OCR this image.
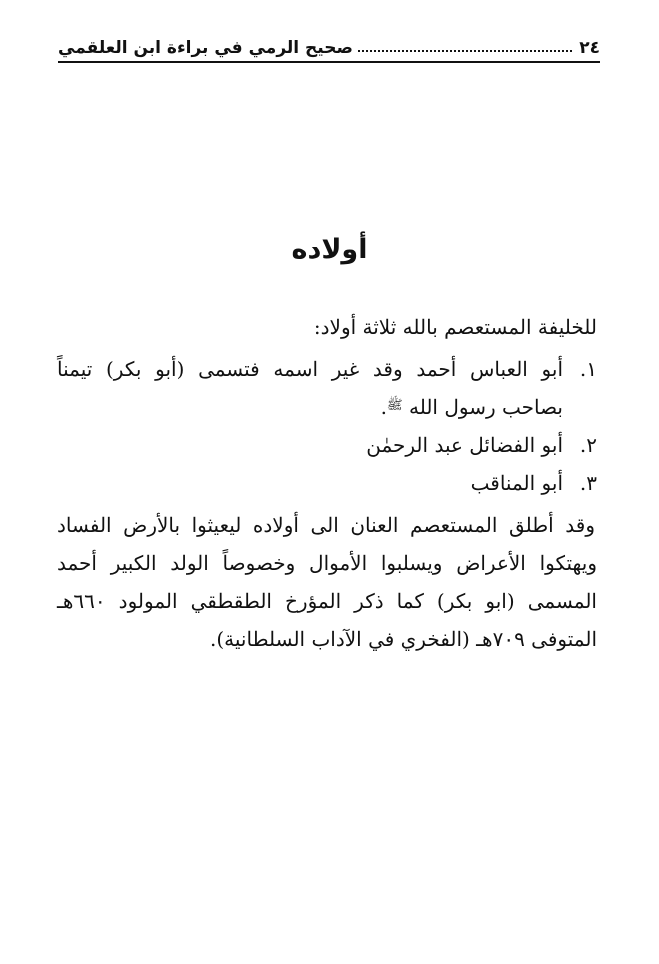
٢٤
صحيح الرمي في براءة ابن العلقمي
أولاده

للخليفة المستعصم بالله ثلاثة أولاد:

١.
أبو العباس أحمد وقد غير اسمه فتسمى (أبو بكر) تيمناً بصاحب رسول الله ﷺ.
٢.
أبو الفضائل عبد الرحمٰن
٣.
أبو المناقب

وقد أطلق المستعصم العنان الى أولاده ليعيثوا بالأرض الفساد ويهتكوا الأعراض ويسلبوا الأموال وخصوصاً الولد الكبير أحمد المسمى (ابو بكر) كما ذكر المؤرخ الطقطقي المولود ٦٦٠هـ المتوفى ٧٠٩هـ (الفخري في الآداب السلطانية).
